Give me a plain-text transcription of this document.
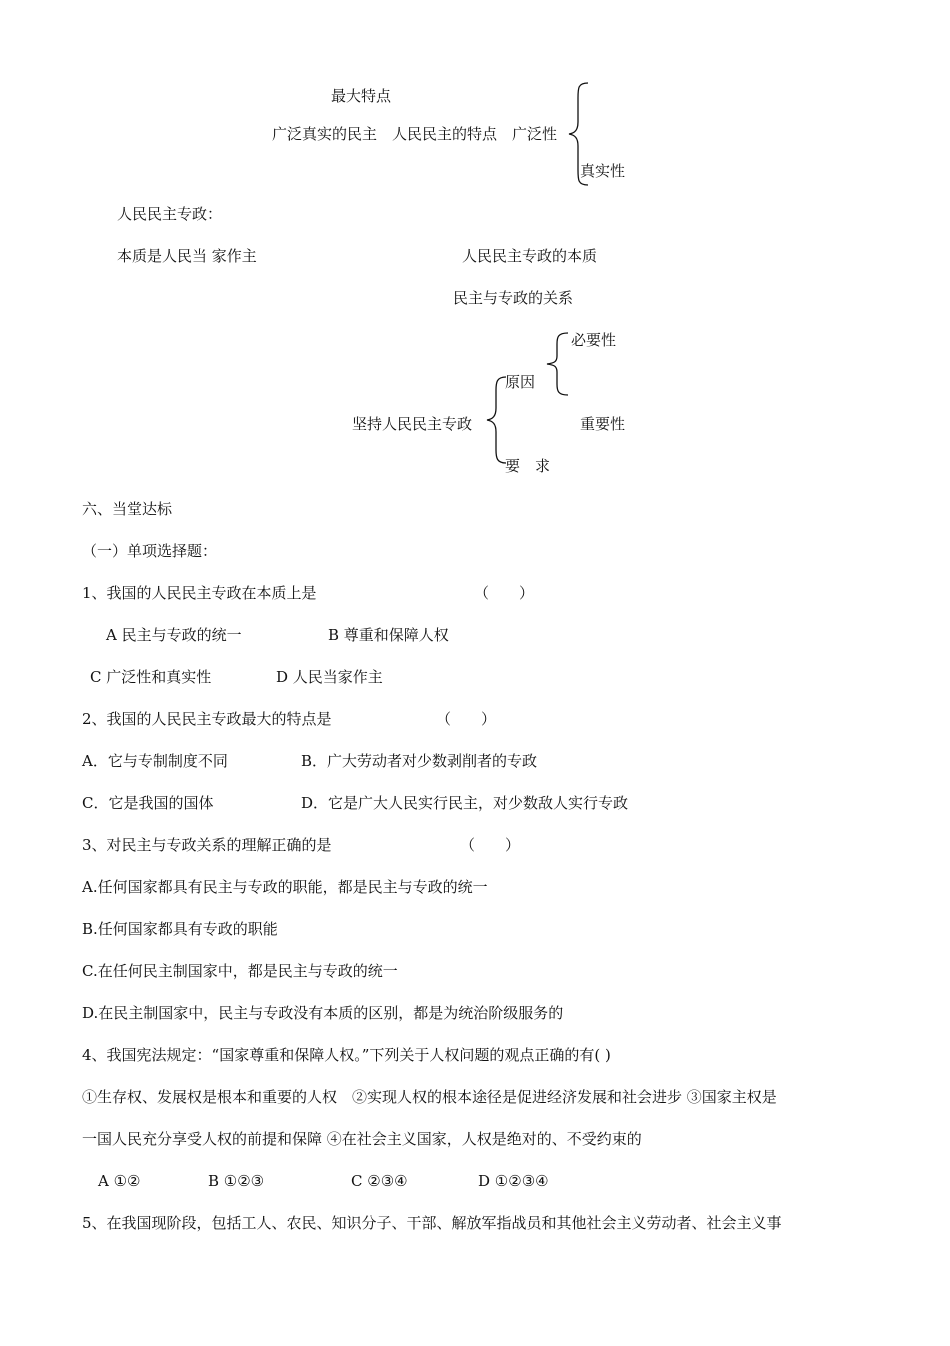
最大特点
广泛真实的民主　人民民主的特点　广泛性
真实性
人民民主专政：
本质是人民当 家作主	人民民主专政的本质
民主与专政的关系
必要性
原因
坚持人民民主专政	重要性
要　求
六、当堂达标
（一）单项选择题：
1、我国的人民民主专政在本质上是	（　　）
A 民主与专政的统一	B 尊重和保障人权
C 广泛性和真实性	D 人民当家作主
2、我国的人民民主专政最大的特点是	（　　）
A．它与专制制度不同	B．广大劳动者对少数剥削者的专政
C．它是我国的国体	D．它是广大人民实行民主，对少数敌人实行专政
3、对民主与专政关系的理解正确的是	（　　）
A.任何国家都具有民主与专政的职能，都是民主与专政的统一
B.任何国家都具有专政的职能
C.在任何民主制国家中，都是民主与专政的统一
D.在民主制国家中，民主与专政没有本质的区别，都是为统治阶级服务的
4、我国宪法规定：“国家尊重和保障人权。”下列关于人权问题的观点正确的有( )
①生存权、发展权是根本和重要的人权　②实现人权的根本途径是促进经济发展和社会进步 ③国家主权是
一国人民充分享受人权的前提和保障 ④在社会主义国家，人权是绝对的、不受约束的
A ①②	B ①②③	C ②③④	D ①②③④
5、在我国现阶段，包括工人、农民、知识分子、干部、解放军指战员和其他社会主义劳动者、社会主义事
